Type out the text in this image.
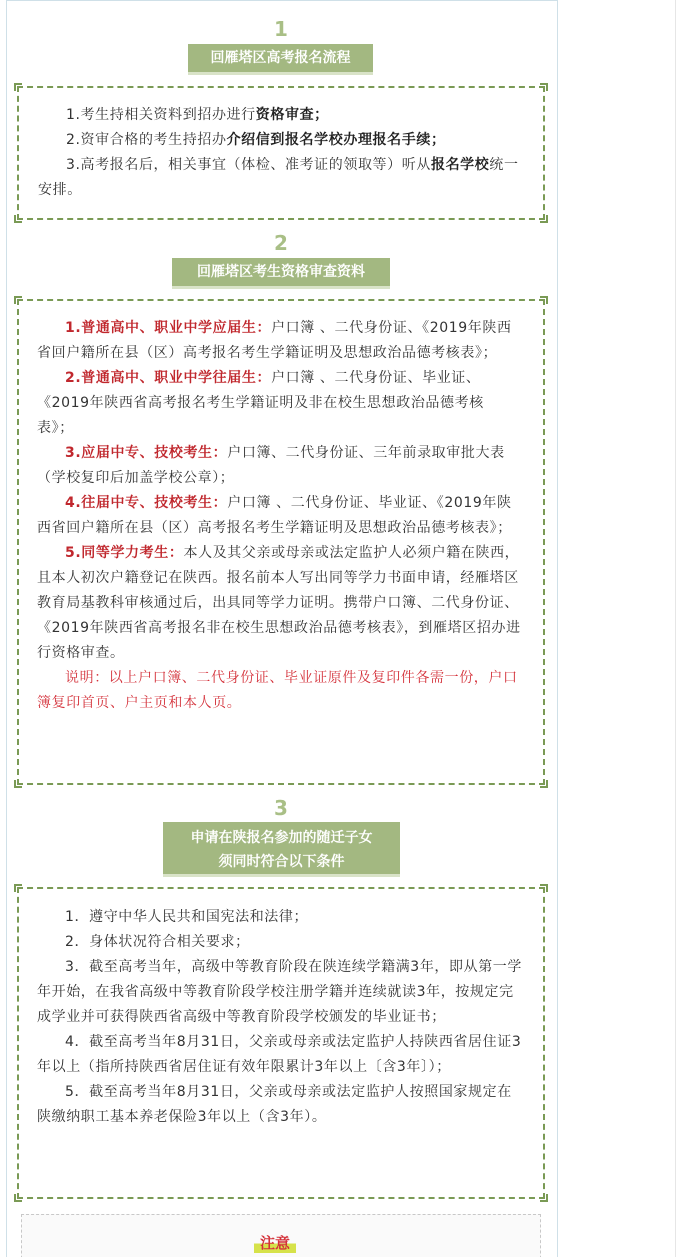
1
回雁塔区高考报名流程

1.考生持相关资料到招办进行资格审查；

2.资审合格的考生持招办介绍信到报名学校办理报名手续；

3.高考报名后，相关事宜（体检、准考证的领取等）听从报名学校统一安排。

2
回雁塔区考生资格审查资料

1.普通高中、职业中学应届生：户口簿 、二代身份证、《2019年陕西省回户籍所在县（区）高考报名考生学籍证明及思想政治品德考核表》；

2.普通高中、职业中学往届生：户口簿 、二代身份证、毕业证、《2019年陕西省高考报名考生学籍证明及非在校生思想政治品德考核 表》；

3.应届中专、技校考生：户口簿、二代身份证、三年前录取审批大表（学校复印后加盖学校公章）；

4.往届中专、技校考生：户口簿 、二代身份证、毕业证、《2019年陕西省回户籍所在县（区）高考报名考生学籍证明及思想政治品德考核表》；

5.同等学力考生：本人及其父亲或母亲或法定监护人必须户籍在陕西，且本人初次户籍登记在陕西。报名前本人写出同等学力书面申请，经雁塔区教育局基教科审核通过后，出具同等学力证明。携带户口簿、二代身份证、《2019年陕西省高考报名非在校生思想政治品德考核表》，到雁塔区招办进行资格审查。

说明：以上户口簿、二代身份证、毕业证原件及复印件各需一份，户口簿复印首页、户主页和本人页。

3
申请在陕报名参加的随迁子女
须同时符合以下条件

1．遵守中华人民共和国宪法和法律；

2．身体状况符合相关要求；

3．截至高考当年，高级中等教育阶段在陕连续学籍满3年，即从第一学年开始，在我省高级中等教育阶段学校注册学籍并连续就读3年，按规定完成学业并可获得陕西省高级中等教育阶段学校颁发的毕业证书；

4．截至高考当年8月31日，父亲或母亲或法定监护人持陕西省居住证3年以上（指所持陕西省居住证有效年限累计3年以上〔含3年〕）；

5．截至高考当年8月31日，父亲或母亲或法定监护人按照国家规定在陕缴纳职工基本养老保险3年以上（含3年）。

注意
